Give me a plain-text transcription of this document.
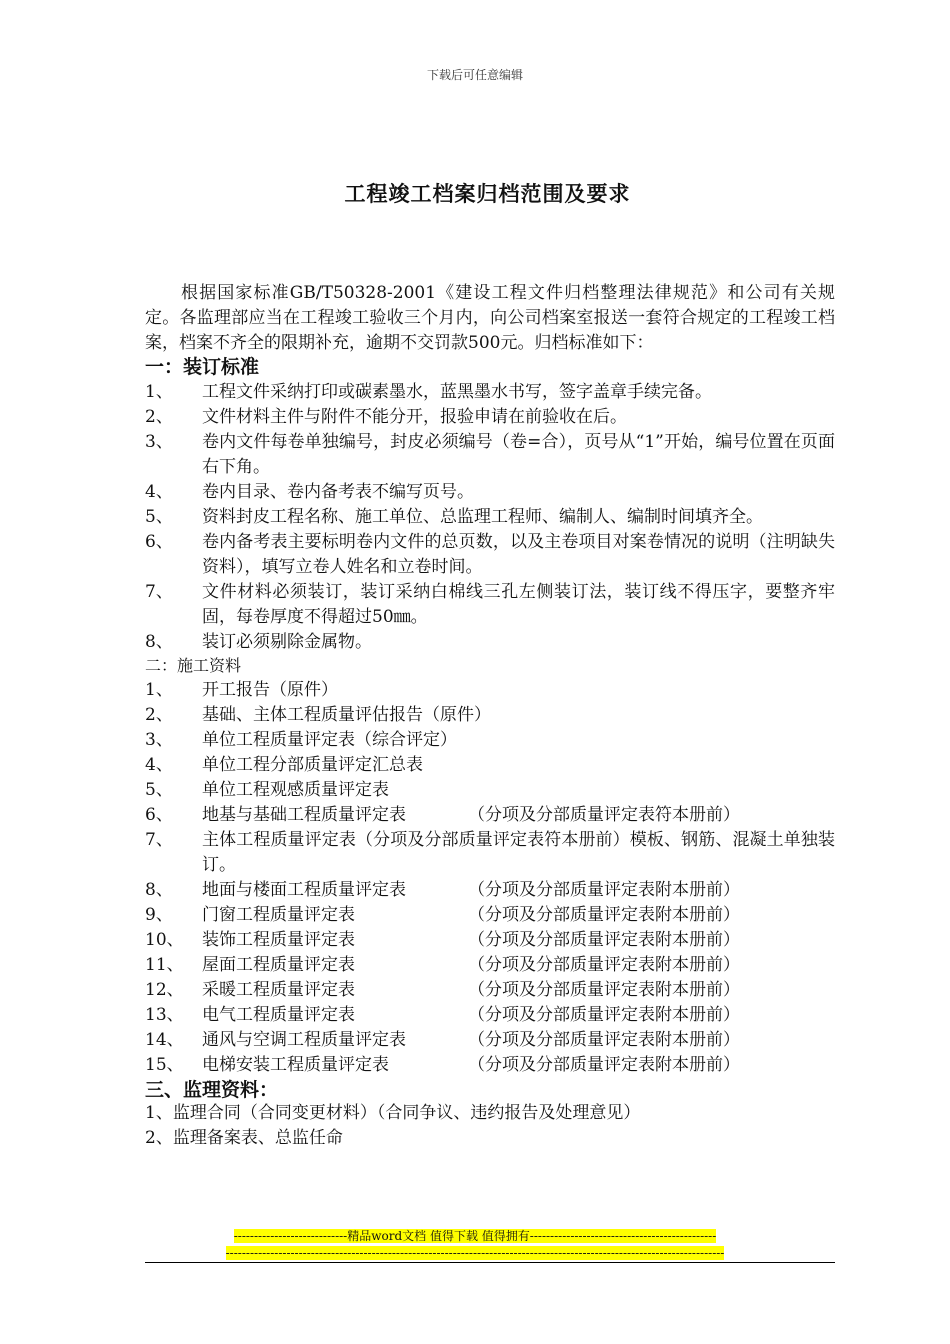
下载后可任意编辑
工程竣工档案归档范围及要求

根据国家标准GB/T50328-2001《建设工程文件归档整理法律规范》和公司有关规定。各监理部应当在工程竣工验收三个月内，向公司档案室报送一套符合规定的工程竣工档案，档案不齐全的限期补充，逾期不交罚款500元。归档标准如下：

一：装订标准
1、	工程文件采纳打印或碳素墨水，蓝黑墨水书写，签字盖章手续完备。
2、	文件材料主件与附件不能分开，报验申请在前验收在后。
3、	卷内文件每卷单独编号，封皮必须编号（卷=合），页号从“1”开始，编号位置在页面右下角。
4、	卷内目录、卷内备考表不编写页号。
5、	资料封皮工程名称、施工单位、总监理工程师、编制人、编制时间填齐全。
6、	卷内备考表主要标明卷内文件的总页数，以及主卷项目对案卷情况的说明（注明缺失资料），填写立卷人姓名和立卷时间。
7、	文件材料必须装订，装订采纳白棉线三孔左侧装订法，装订线不得压字，要整齐牢固，每卷厚度不得超过50㎜。
8、	装订必须剔除金属物。
二：施工资料
1、	开工报告（原件）
2、	基础、主体工程质量评估报告（原件）
3、	单位工程质量评定表（综合评定）
4、	单位工程分部质量评定汇总表
5、	单位工程观感质量评定表
6、	地基与基础工程质量评定表	（分项及分部质量评定表符本册前）
7、	主体工程质量评定表（分项及分部质量评定表符本册前）模板、钢筋、混凝土单独装订。
8、	地面与楼面工程质量评定表	（分项及分部质量评定表附本册前）
9、	门窗工程质量评定表	（分项及分部质量评定表附本册前）
10、	装饰工程质量评定表	（分项及分部质量评定表附本册前）
11、	屋面工程质量评定表	（分项及分部质量评定表附本册前）
12、	采暖工程质量评定表	（分项及分部质量评定表附本册前）
13、	电气工程质量评定表	（分项及分部质量评定表附本册前）
14、	通风与空调工程质量评定表	（分项及分部质量评定表附本册前）
15、	电梯安装工程质量评定表	（分项及分部质量评定表附本册前）
三、监理资料：
1、监理合同（合同变更材料）（合同争议、违约报告及处理意见）
2、监理备案表、总监任命
----------------------------精品word文档 值得下载 值得拥有----------------------------------------------
---------------------------------------------------------------------------------------------------------------------------
